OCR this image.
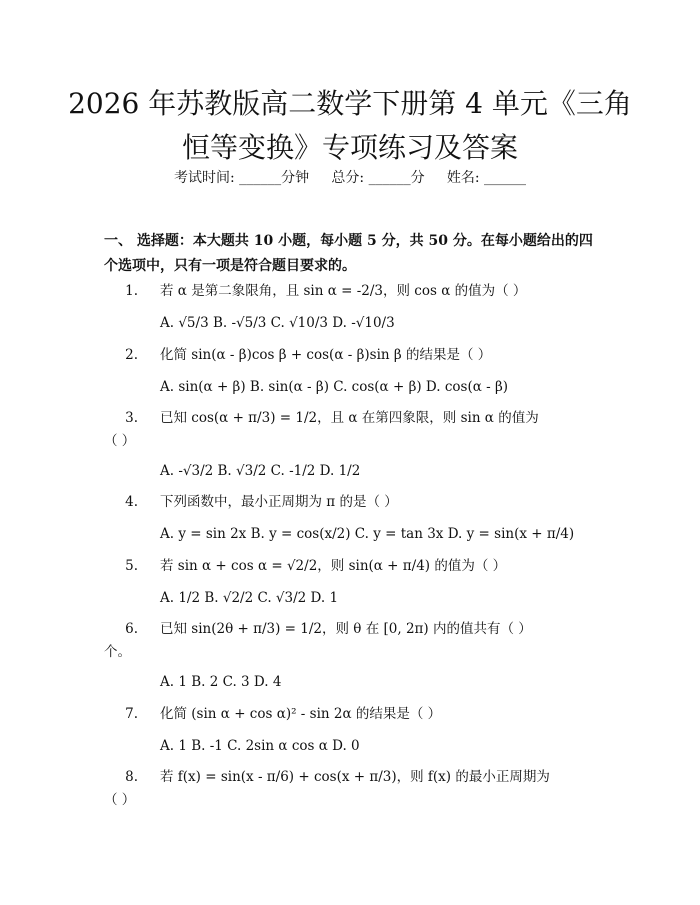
2026 年苏教版高二数学下册第 4 单元《三角
恒等变换》专项练习及答案
考试时间: ______分钟     总分: ______分     姓名: ______
一、 选择题：本大题共 10 小题，每小题 5 分，共 50 分。在每小题给出的四个选项中，只有一项是符合题目要求的。
1. 若 α 是第二象限角，且 sin α = -2/3，则 cos α 的值为（ ）
A. √5/3 B. -√5/3 C. √10/3 D. -√10/3
2. 化简 sin(α - β)cos β + cos(α - β)sin β 的结果是（ ）
A. sin(α + β) B. sin(α - β) C. cos(α + β) D. cos(α - β)
3. 已知 cos(α + π/3) = 1/2，且 α 在第四象限，则 sin α 的值为
（ ）
A. -√3/2 B. √3/2 C. -1/2 D. 1/2
4. 下列函数中，最小正周期为 π 的是（ ）
A. y = sin 2x B. y = cos(x/2) C. y = tan 3x D. y = sin(x + π/4)
5. 若 sin α + cos α = √2/2，则 sin(α + π/4) 的值为（ ）
A. 1/2 B. √2/2 C. √3/2 D. 1
6. 已知 sin(2θ + π/3) = 1/2，则 θ 在 [0, 2π) 内的值共有（ ）
个。
A. 1 B. 2 C. 3 D. 4
7. 化简 (sin α + cos α)² - sin 2α 的结果是（ ）
A. 1 B. -1 C. 2sin α cos α D. 0
8. 若 f(x) = sin(x - π/6) + cos(x + π/3)，则 f(x) 的最小正周期为
（ ）
